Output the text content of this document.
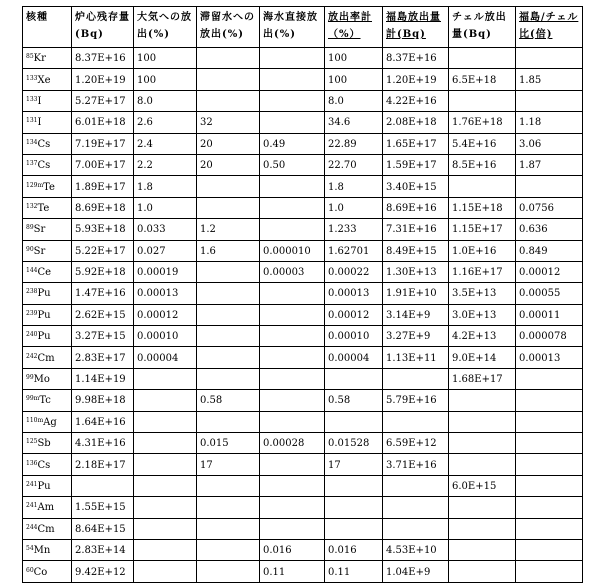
核種	炉心残存量(Bq)	大気への放出(%)	滞留水への放出(%)	海水直接放出(%)	放出率計（%）	福島放出量計(Bq)	チェル放出量(Bq)	福島/チェル比(倍)
$^{85}$Kr	8.37E+16	100			100	8.37E+16		
$^{133}$Xe	1.20E+19	100			100	1.20E+19	6.5E+18	1.85
$^{133}$I	5.27E+17	8.0			8.0	4.22E+16		
$^{131}$I	6.01E+18	2.6	32		34.6	2.08E+18	1.76E+18	1.18
$^{134}$Cs	7.19E+17	2.4	20	0.49	22.89	1.65E+17	5.4E+16	3.06
$^{137}$Cs	7.00E+17	2.2	20	0.50	22.70	1.59E+17	8.5E+16	1.87
$^{129m}$Te	1.89E+17	1.8			1.8	3.40E+15		
$^{132}$Te	8.69E+18	1.0			1.0	8.69E+16	1.15E+18	0.0756
$^{89}$Sr	5.93E+18	0.033	1.2		1.233	7.31E+16	1.15E+17	0.636
$^{90}$Sr	5.22E+17	0.027	1.6	0.000010	1.62701	8.49E+15	1.0E+16	0.849
$^{144}$Ce	5.92E+18	0.00019		0.00003	0.00022	1.30E+13	1.16E+17	0.00012
$^{238}$Pu	1.47E+16	0.00013			0.00013	1.91E+10	3.5E+13	0.00055
$^{239}$Pu	2.62E+15	0.00012			0.00012	3.14E+9	3.0E+13	0.00011
$^{240}$Pu	3.27E+15	0.00010			0.00010	3.27E+9	4.2E+13	0.000078
$^{242}$Cm	2.83E+17	0.00004			0.00004	1.13E+11	9.0E+14	0.00013
$^{99}$Mo	1.14E+19						1.68E+17	
$^{99m}$Tc	9.98E+18		0.58		0.58	5.79E+16		
$^{110m}$Ag	1.64E+16							
$^{125}$Sb	4.31E+16		0.015	0.00028	0.01528	6.59E+12		
$^{136}$Cs	2.18E+17		17		17	3.71E+16		
$^{241}$Pu							6.0E+15	
$^{241}$Am	1.55E+15							
$^{244}$Cm	8.64E+15							
$^{54}$Mn	2.83E+14			0.016	0.016	4.53E+10		
$^{60}$Co	9.42E+12			0.11	0.11	1.04E+9		
